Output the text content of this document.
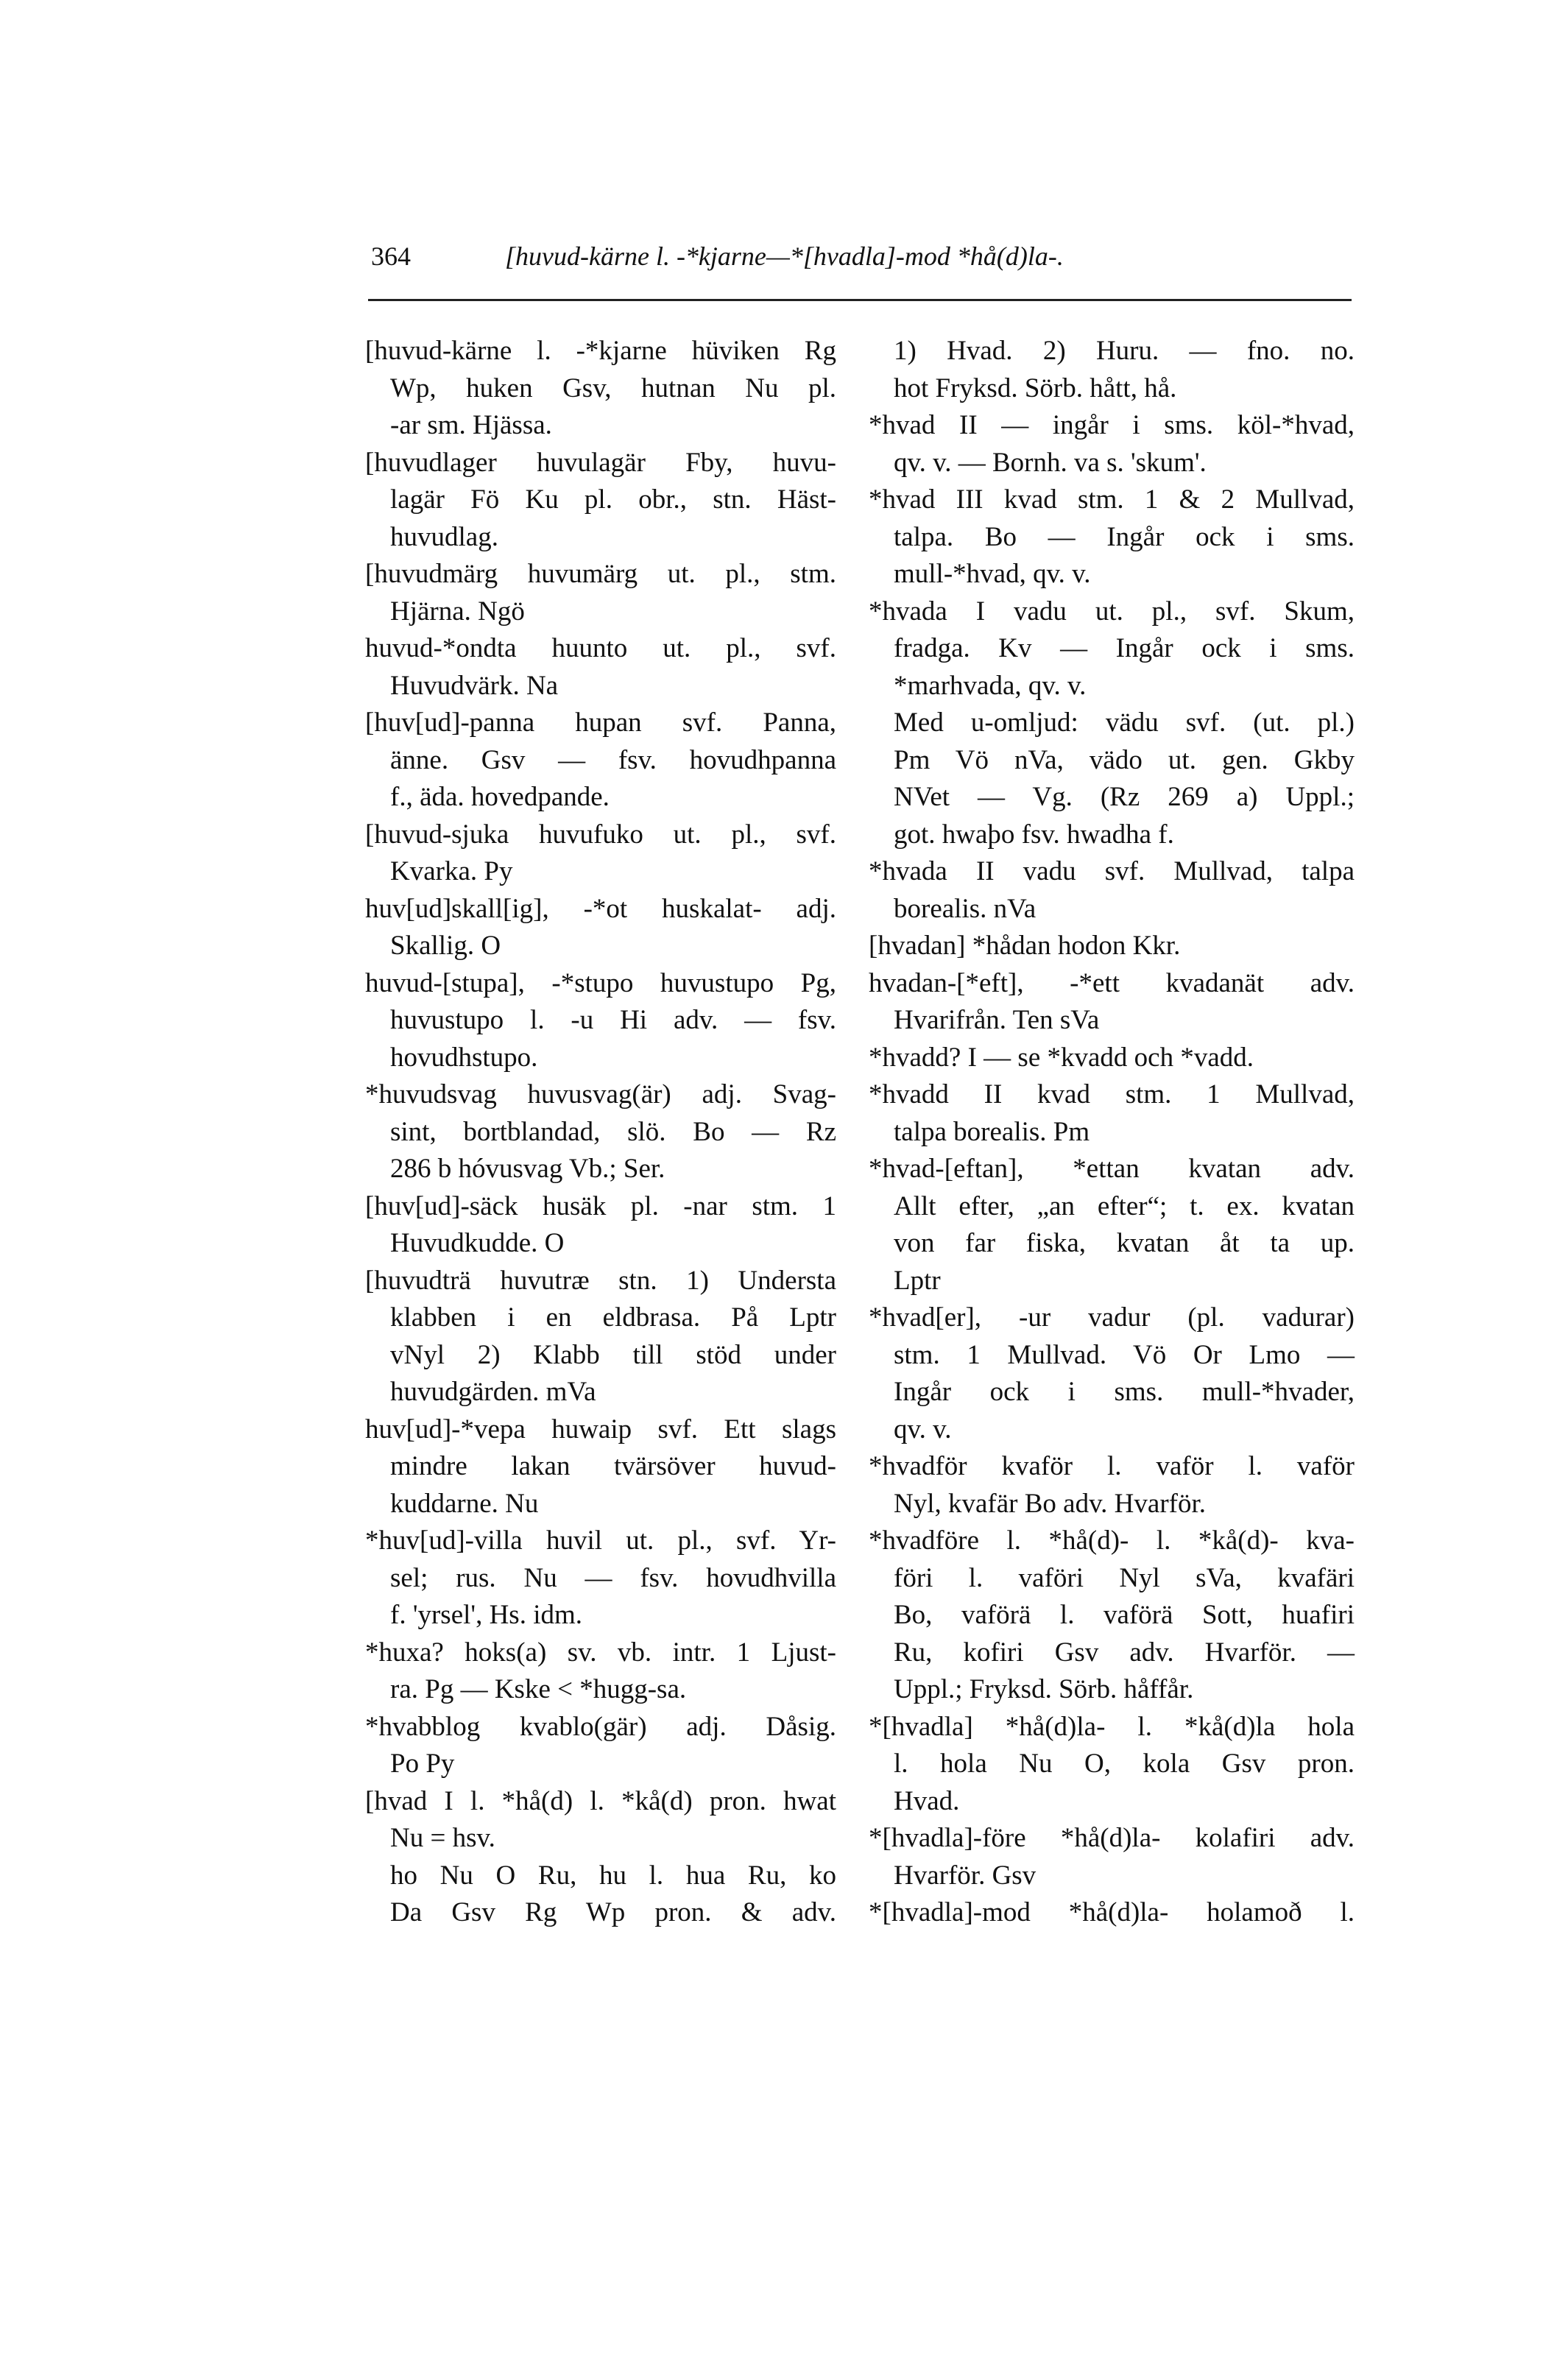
364	[huvud-kärne l. -*kjarne—*[hvadla]-mod *hå(d)la-.
[huvud-kärne l. -*kjarne hüviken Rg
Wp, huken Gsv, hutnan Nu pl.
-ar sm. Hjässa.
[huvudlager huvulagär Fby, huvu-
lagär Fö Ku pl. obr., stn. Häst-
huvudlag.
[huvudmärg huvumärg ut. pl., stm.
Hjärna. Ngö
huvud-*ondta huunto ut. pl., svf.
Huvudvärk. Na
[huv[ud]-panna hupan svf. Panna,
änne. Gsv — fsv. hovudhpanna
f., äda. hovedpande.
[huvud-sjuka huvufuko ut. pl., svf.
Kvarka. Py
huv[ud]skall[ig], -*ot huskalat- adj.
Skallig. O
huvud-[stupa], -*stupo huvustupo Pg,
huvustupo l. -u Hi adv. — fsv.
hovudhstupo.
*huvudsvag huvusvag(är) adj. Svag-
sint, bortblandad, slö. Bo — Rz
286 b hóvusvag Vb.; Ser.
[huv[ud]-säck husäk pl. -nar stm. 1
Huvudkudde. O
[huvudträ huvutræ stn. 1) Understa
klabben i en eldbrasa. På Lptr
vNyl 2) Klabb till stöd under
huvudgärden. mVa
huv[ud]-*vepa huwaip svf. Ett slags
mindre lakan tvärsöver huvud-
kuddarne. Nu
*huv[ud]-villa huvil ut. pl., svf. Yr-
sel; rus. Nu — fsv. hovudhvilla
f. 'yrsel', Hs. idm.
*huxa? hoks(a) sv. vb. intr. 1 Ljust-
ra. Pg — Kske < *hugg-sa.
*hvabblog kvablo(gär) adj. Dåsig.
Po Py
[hvad I l. *hå(d) l. *kå(d) pron. hwat
Nu = hsv.
ho Nu O Ru, hu l. hua Ru, ko
Da Gsv Rg Wp pron. & adv.
1) Hvad. 2) Huru. — fno. no.
hot Fryksd. Sörb. hått, hå.
*hvad II — ingår i sms. köl-*hvad,
qv. v. — Bornh. va s. 'skum'.
*hvad III kvad stm. 1 & 2 Mullvad,
talpa. Bo — Ingår ock i sms.
mull-*hvad, qv. v.
*hvada I vadu ut. pl., svf. Skum,
fradga. Kv — Ingår ock i sms.
*marhvada, qv. v.
Med u-omljud: vädu svf. (ut. pl.)
Pm Vö nVa, vädo ut. gen. Gkby
NVet — Vg. (Rz 269 a) Uppl.;
got. hwaþo fsv. hwadha f.
*hvada II vadu svf. Mullvad, talpa
borealis. nVa
[hvadan] *hådan hodon Kkr.
hvadan-[*eft], -*ett kvadanät adv.
Hvarifrån. Ten sVa
*hvadd? I — se *kvadd och *vadd.
*hvadd II kvad stm. 1 Mullvad,
talpa borealis. Pm
*hvad-[eftan], *ettan kvatan adv.
Allt efter, „an efter“; t. ex. kvatan
von far fiska, kvatan åt ta up.
Lptr
*hvad[er], -ur vadur (pl. vadurar)
stm. 1 Mullvad. Vö Or Lmo —
Ingår ock i sms. mull-*hvader,
qv. v.
*hvadför kvaför l. vaför l. vaför
Nyl, kvafär Bo adv. Hvarför.
*hvadföre l. *hå(d)- l. *kå(d)- kva-
föri l. vaföri Nyl sVa, kvafäri
Bo, vaförä l. vaförä Sott, huafiri
Ru, kofiri Gsv adv. Hvarför. —
Uppl.; Fryksd. Sörb. håffår.
*[hvadla] *hå(d)la- l. *kå(d)la hola
l. hola Nu O, kola Gsv pron.
Hvad.
*[hvadla]-före *hå(d)la- kolafiri adv.
Hvarför. Gsv
*[hvadla]-mod *hå(d)la- holamoð l.
